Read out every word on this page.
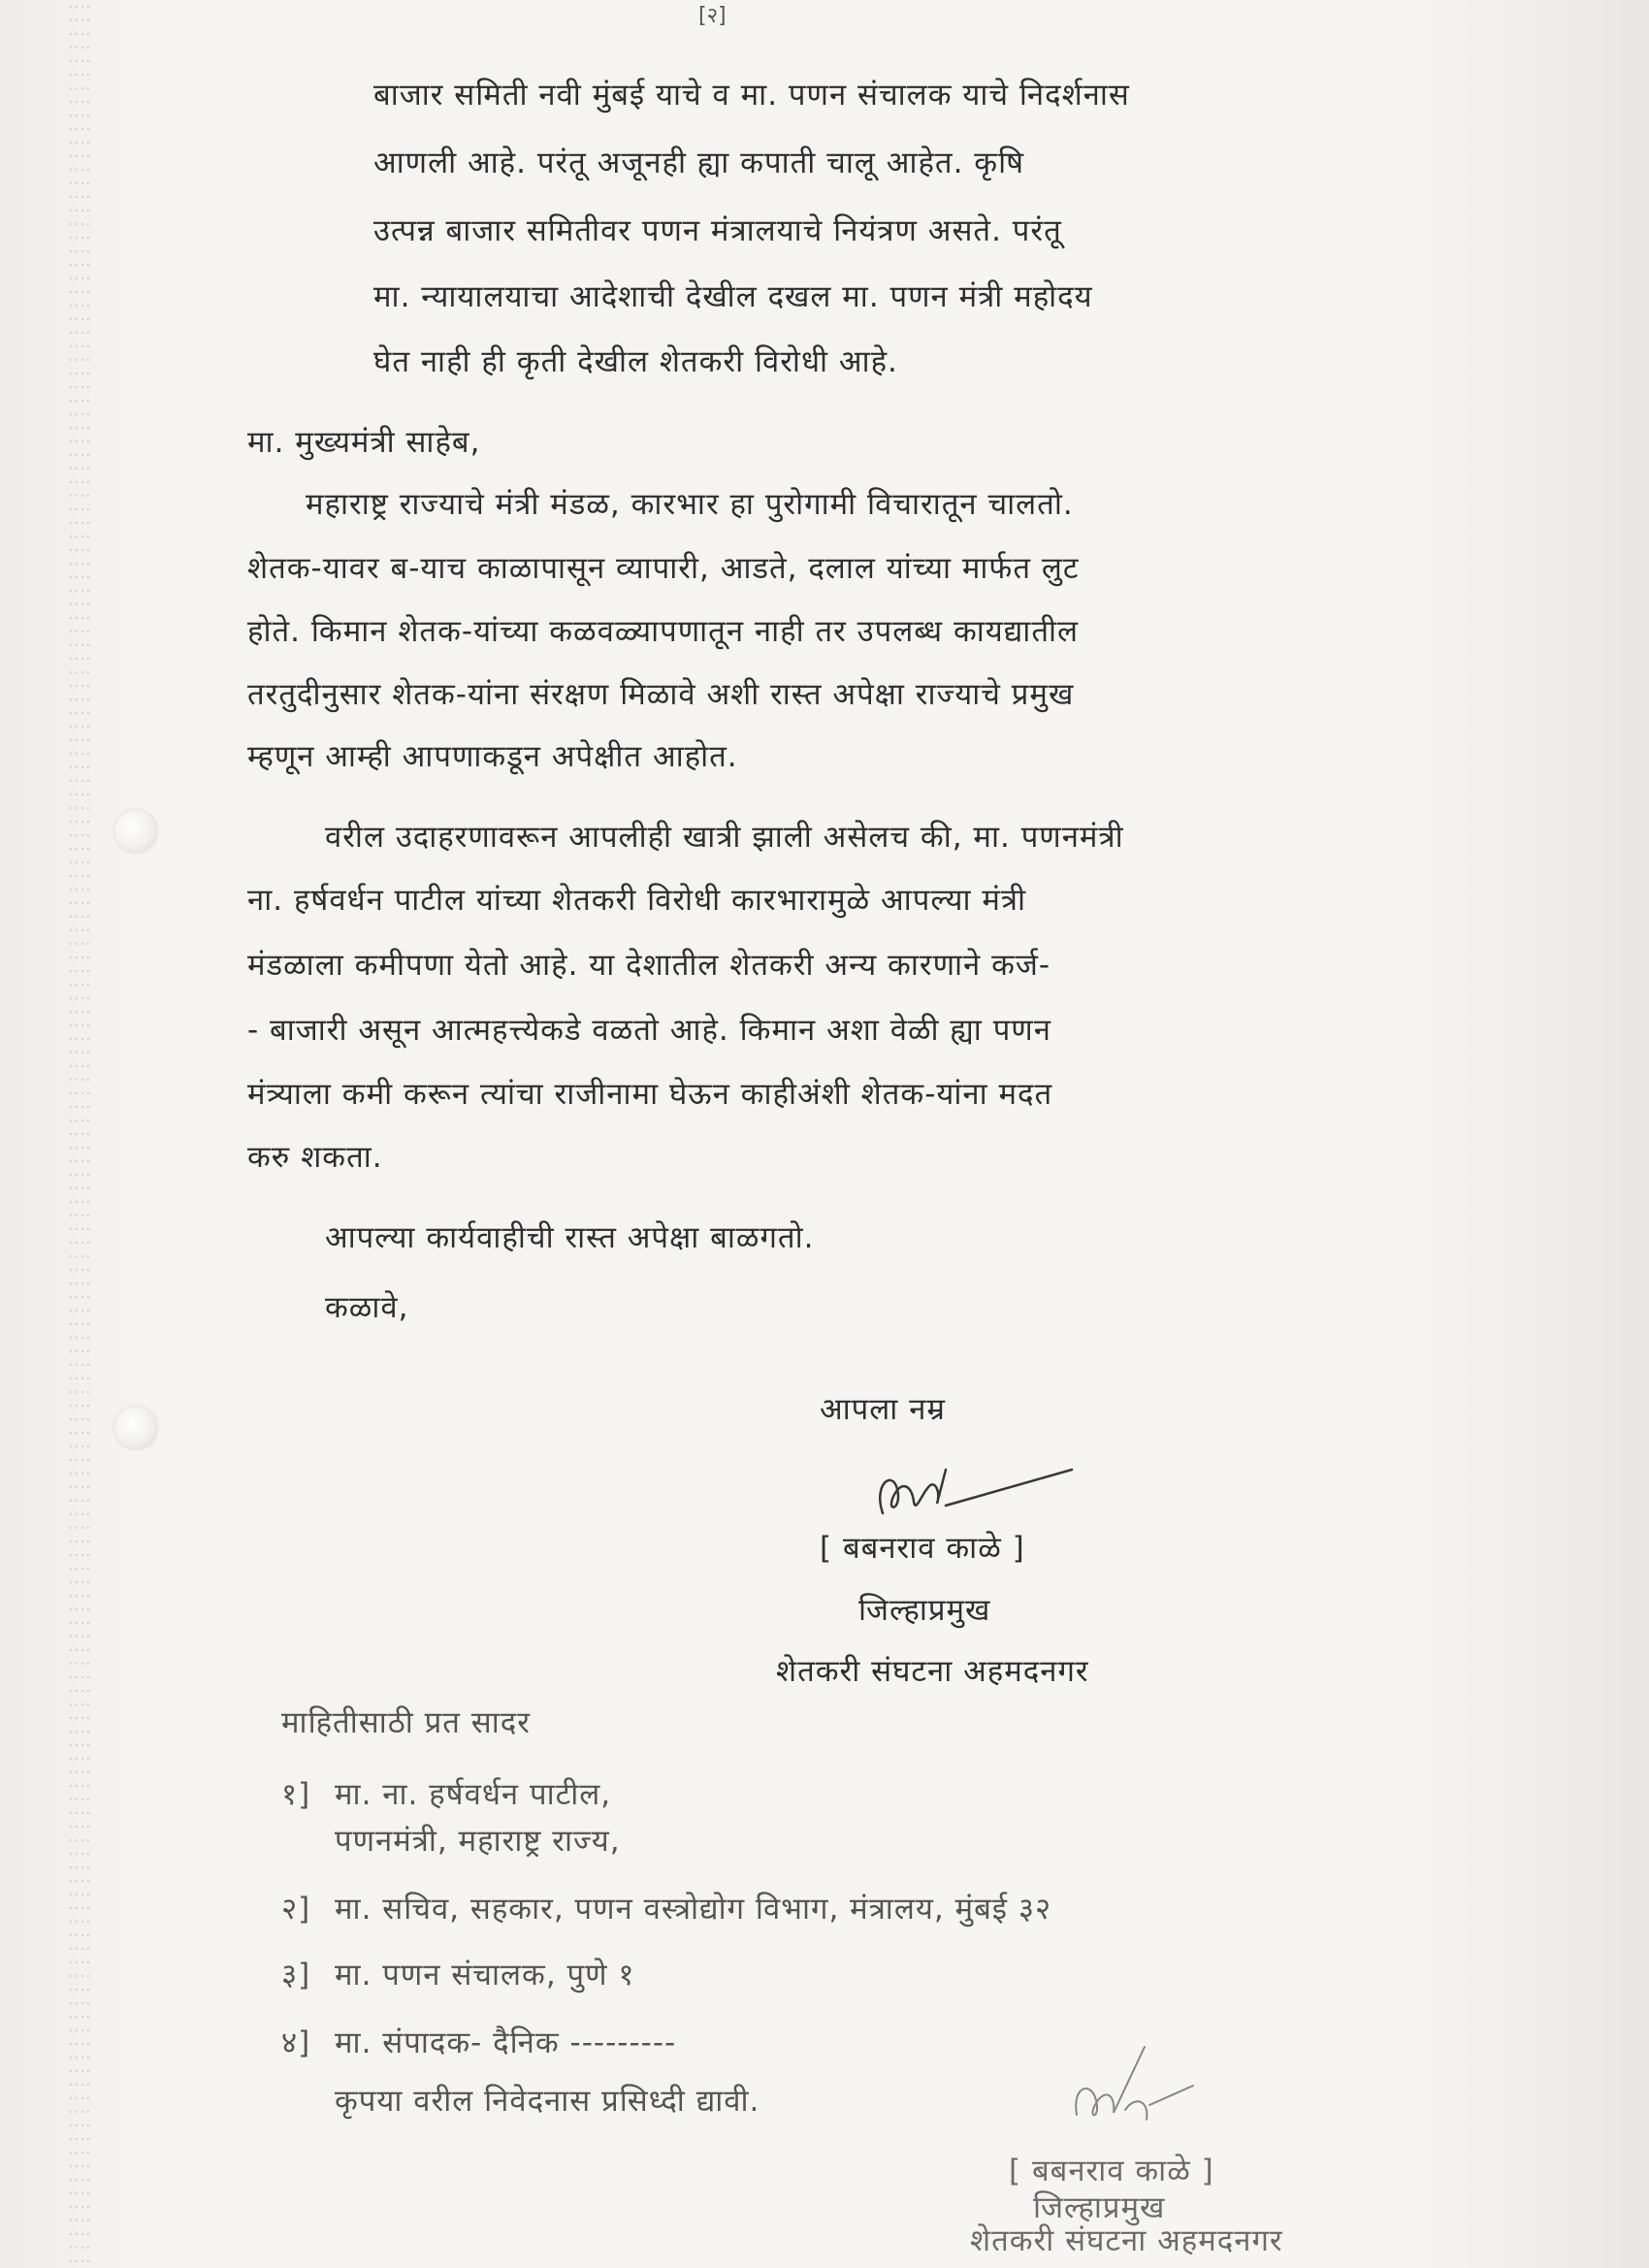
[२]
बाजार समिती नवी मुंबई याचे व मा. पणन संचालक याचे निदर्शनास
आणली आहे. परंतू अजूनही ह्या कपाती चालू आहेत. कृषि
उत्पन्न बाजार समितीवर पणन मंत्रालयाचे नियंत्रण असते. परंतू
मा. न्यायालयाचा आदेशाची देखील दखल मा. पणन मंत्री महोदय
घेत नाही ही कृती देखील शेतकरी विरोधी आहे.
मा. मुख्यमंत्री साहेब,
महाराष्ट्र राज्याचे मंत्री मंडळ, कारभार हा पुरोगामी विचारातून चालतो.
शेतक-यावर ब-याच काळापासून व्यापारी, आडते, दलाल यांच्या मार्फत लुट
होते. किमान शेतक-यांच्या कळवळ्यापणातून नाही तर उपलब्ध कायद्यातील
तरतुदीनुसार शेतक-यांना संरक्षण मिळावे अशी रास्त अपेक्षा राज्याचे प्रमुख
म्हणून आम्ही आपणाकडून अपेक्षीत आहोत.
वरील उदाहरणावरून आपलीही खात्री झाली असेलच की, मा. पणनमंत्री
ना. हर्षवर्धन पाटील यांच्या शेतकरी विरोधी कारभारामुळे आपल्या मंत्री
मंडळाला कमीपणा येतो आहे. या देशातील शेतकरी अन्य कारणाने कर्ज-
- बाजारी असून आत्महत्त्येकडे वळतो आहे. किमान अशा वेळी ह्या पणन
मंत्र्याला कमी करून त्यांचा राजीनामा घेऊन काहीअंशी शेतक-यांना मदत
करु शकता.
आपल्या कार्यवाहीची रास्त अपेक्षा बाळगतो.
कळावे,
आपला नम्र
[ बबनराव काळे ]
जिल्हाप्रमुख
शेतकरी संघटना अहमदनगर
माहितीसाठी प्रत सादर
१] मा. ना. हर्षवर्धन पाटील,
पणनमंत्री, महाराष्ट्र राज्य,
२] मा. सचिव, सहकार, पणन वस्त्रोद्योग विभाग, मंत्रालय, मुंबई ३२
३] मा. पणन संचालक, पुणे १
४] मा. संपादक- दैनिक ---------
कृपया वरील निवेदनास प्रसिध्दी द्यावी.
[ बबनराव काळे ]
जिल्हाप्रमुख
शेतकरी संघटना अहमदनगर
